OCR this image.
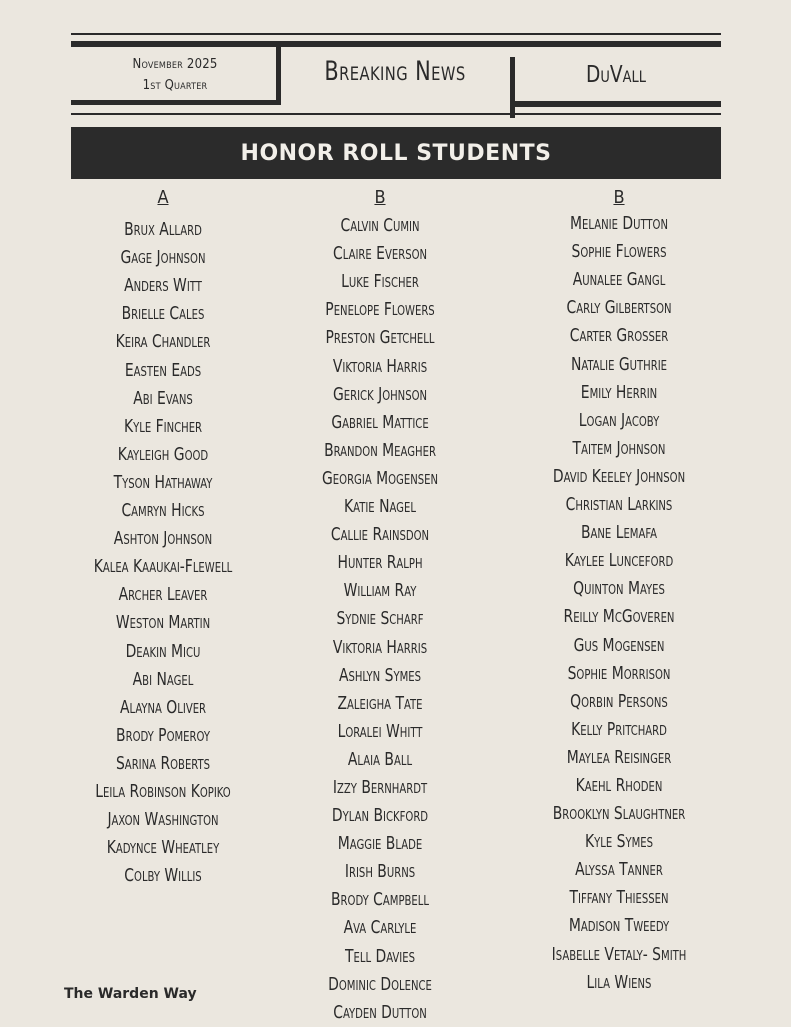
November 2025
1st Quarter	Breaking News	DuVall
HONOR ROLL STUDENTS
A
Brux Allard
Gage Johnson
Anders Witt
Brielle Cales
Keira Chandler
Easten Eads
Abi Evans
Kyle Fincher
Kayleigh Good
Tyson Hathaway
Camryn Hicks
Ashton Johnson
Kalea Kaaukai-Flewell
Archer Leaver
Weston Martin
Deakin Micu
Abi Nagel
Alayna Oliver
Brody Pomeroy
Sarina Roberts
Leila Robinson Kopiko
Jaxon Washington
Kadynce Wheatley
Colby Willis
B
Calvin Cumin
Claire Everson
Luke Fischer
Penelope Flowers
Preston Getchell
Viktoria Harris
Gerick Johnson
Gabriel Mattice
Brandon Meagher
Georgia Mogensen
Katie Nagel
Callie Rainsdon
Hunter Ralph
William Ray
Sydnie Scharf
Viktoria Harris
Ashlyn Symes
Zaleigha Tate
Loralei Whitt
Alaia Ball
Izzy Bernhardt
Dylan Bickford
Maggie Blade
Irish Burns
Brody Campbell
Ava Carlyle
Tell Davies
Dominic Dolence
Cayden Dutton
B
Melanie Dutton
Sophie Flowers
Aunalee Gangl
Carly Gilbertson
Carter Grosser
Natalie Guthrie
Emily Herrin
Logan Jacoby
Taitem Johnson
David Keeley Johnson
Christian Larkins
Bane Lemafa
Kaylee Lunceford
Quinton Mayes
Reilly McGoveren
Gus Mogensen
Sophie Morrison
Qorbin Persons
Kelly Pritchard
Maylea Reisinger
Kaehl Rhoden
Brooklyn Slaughtner
Kyle Symes
Alyssa Tanner
Tiffany Thiessen
Madison Tweedy
Isabelle Vetaly- Smith
Lila Wiens
The Warden Way
